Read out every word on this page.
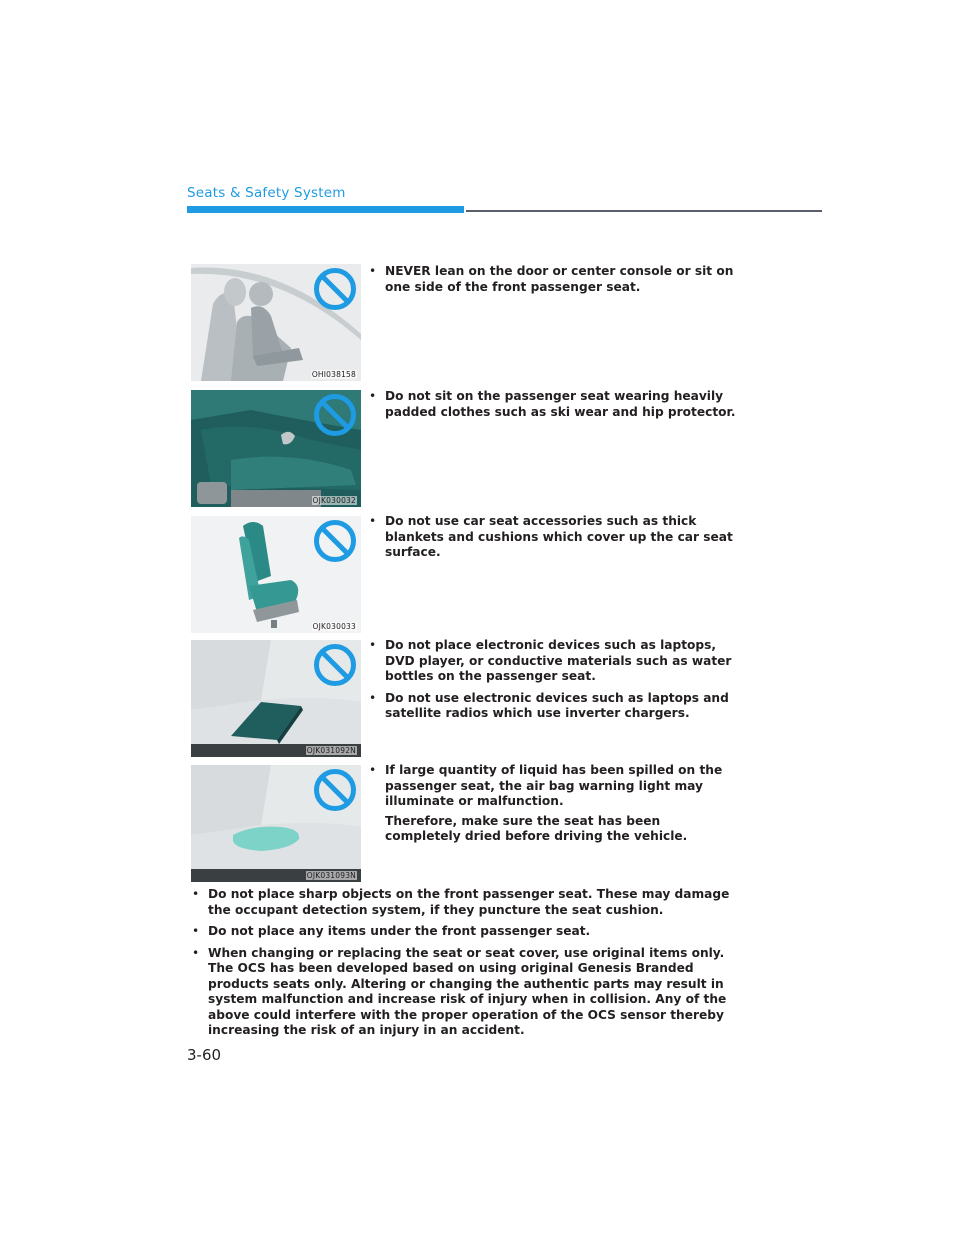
Seats & Safety System
OHI038158
OJK030032
OJK030033
OJK031092N
OJK031093N
• NEVER lean on the door or center console or sit on one side of the front passenger seat.
• Do not sit on the passenger seat wearing heavily padded clothes such as ski wear and hip protector.
• Do not use car seat accessories such as thick blankets and cushions which cover up the car seat surface.
• Do not place electronic devices such as laptops, DVD player, or conductive materials such as water bottles on the passenger seat.
• Do not use electronic devices such as laptops and satellite radios which use inverter chargers.
• If large quantity of liquid has been spilled on the passenger seat, the air bag warning light may illuminate or malfunction.
Therefore, make sure the seat has been completely dried before driving the vehicle.
• Do not place sharp objects on the front passenger seat. These may damage the occupant detection system, if they puncture the seat cushion.
• Do not place any items under the front passenger seat.
• When changing or replacing the seat or seat cover, use original items only. The OCS has been developed based on using original Genesis Branded products seats only. Altering or changing the authentic parts may result in system malfunction and increase risk of injury when in collision. Any of the above could interfere with the proper operation of the OCS sensor thereby increasing the risk of an injury in an accident.
3-60
